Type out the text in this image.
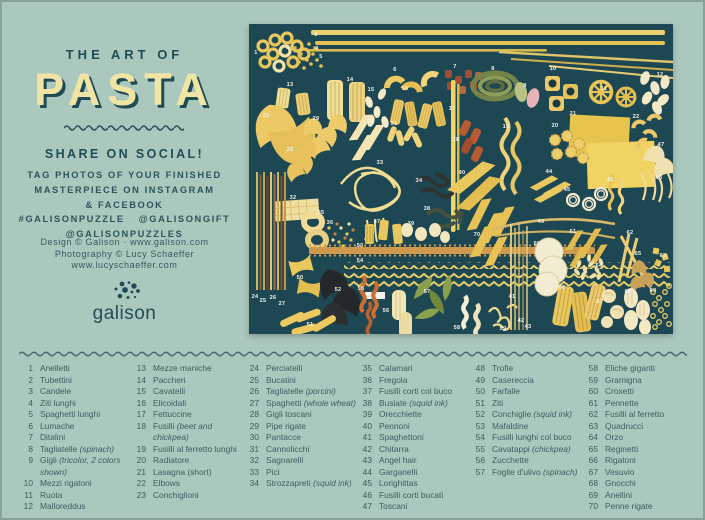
THE ART OF
PASTA
SHARE ON SOCIAL!
TAG PHOTOS OF YOUR FINISHED
MASTERPIECE ON INSTAGRAM
& FACEBOOK
#GALISONPUZZLE @GALISONGIFT
@GALISONPUZZLES
Design © Galison · www.galison.com
Photography © Lucy Schaeffer
www.lucyschaeffer.com
galison
1
2
3
4
5
6	7	8
9
10
11
12
13
14
15	16
17
18
19	20
21	22
23
24
25 26
27
28
29	30	31
32
33
34
35
36	37
38
39
40
41
42
43
44
45
46
47
48
49
50
51
52
53
54
55
56
57
58	59
60
61	62
63
64
65
66
67
68	69
70
1 Anelletti
2 Tubettini
3 Candele
4 Ziti lunghi
5 Spaghetti lunghi
6 Lumache
7 Ditalini
8 Tagliatelle (spinach)
9 Gigli (tricolor, 2 colors shown)
10 Mezzi rigatoni
11 Ruota
12 Malloreddus
13 Mezze maniche
14 Paccheri
15 Cavatelli
16 Elicoidali
17 Fettuccine
18 Fusilli (beet and chickpea)
19 Fusilli al ferretto lunghi
20 Radiatore
21 Lasagna (short)
22 Elbows
23 Conchiglioni
24 Perciatelli
25 Bucatini
26 Tagliatelle (porcini)
27 Spaghetti (whole wheat)
28 Gigli toscani
29 Pipe rigate
30 Pantacce
31 Cannolicchi
32 Sagnarelli
33 Pici
34 Strozzapreti (squid ink)
35 Calamari
36 Fregola
37 Fusilli corti col buco
38 Busiate (squid ink)
39 Orecchiette
40 Pennoni
41 Spaghettoni
42 Chitarra
43 Angel hair
44 Garganelli
45 Lorighittas
46 Fusilli corti bucati
47 Toscani
48 Trofie
49 Casereccia
50 Farfalle
51 Ziti
52 Conchiglie (squid ink)
53 Mafaldine
54 Fusilli lunghi col buco
55 Cavatappi (chickpea)
56 Zucchette
57 Foglie d'ulivo (spinach)
58 Eliche giganti
59 Gramigna
60 Croxetti
61 Pennette
62 Fusilli al ferretto
63 Quadrucci
64 Orzo
65 Reginetti
66 Rigatoni
67 Vesuvio
68 Gnocchi
69 Anellini
70 Penne rigate
